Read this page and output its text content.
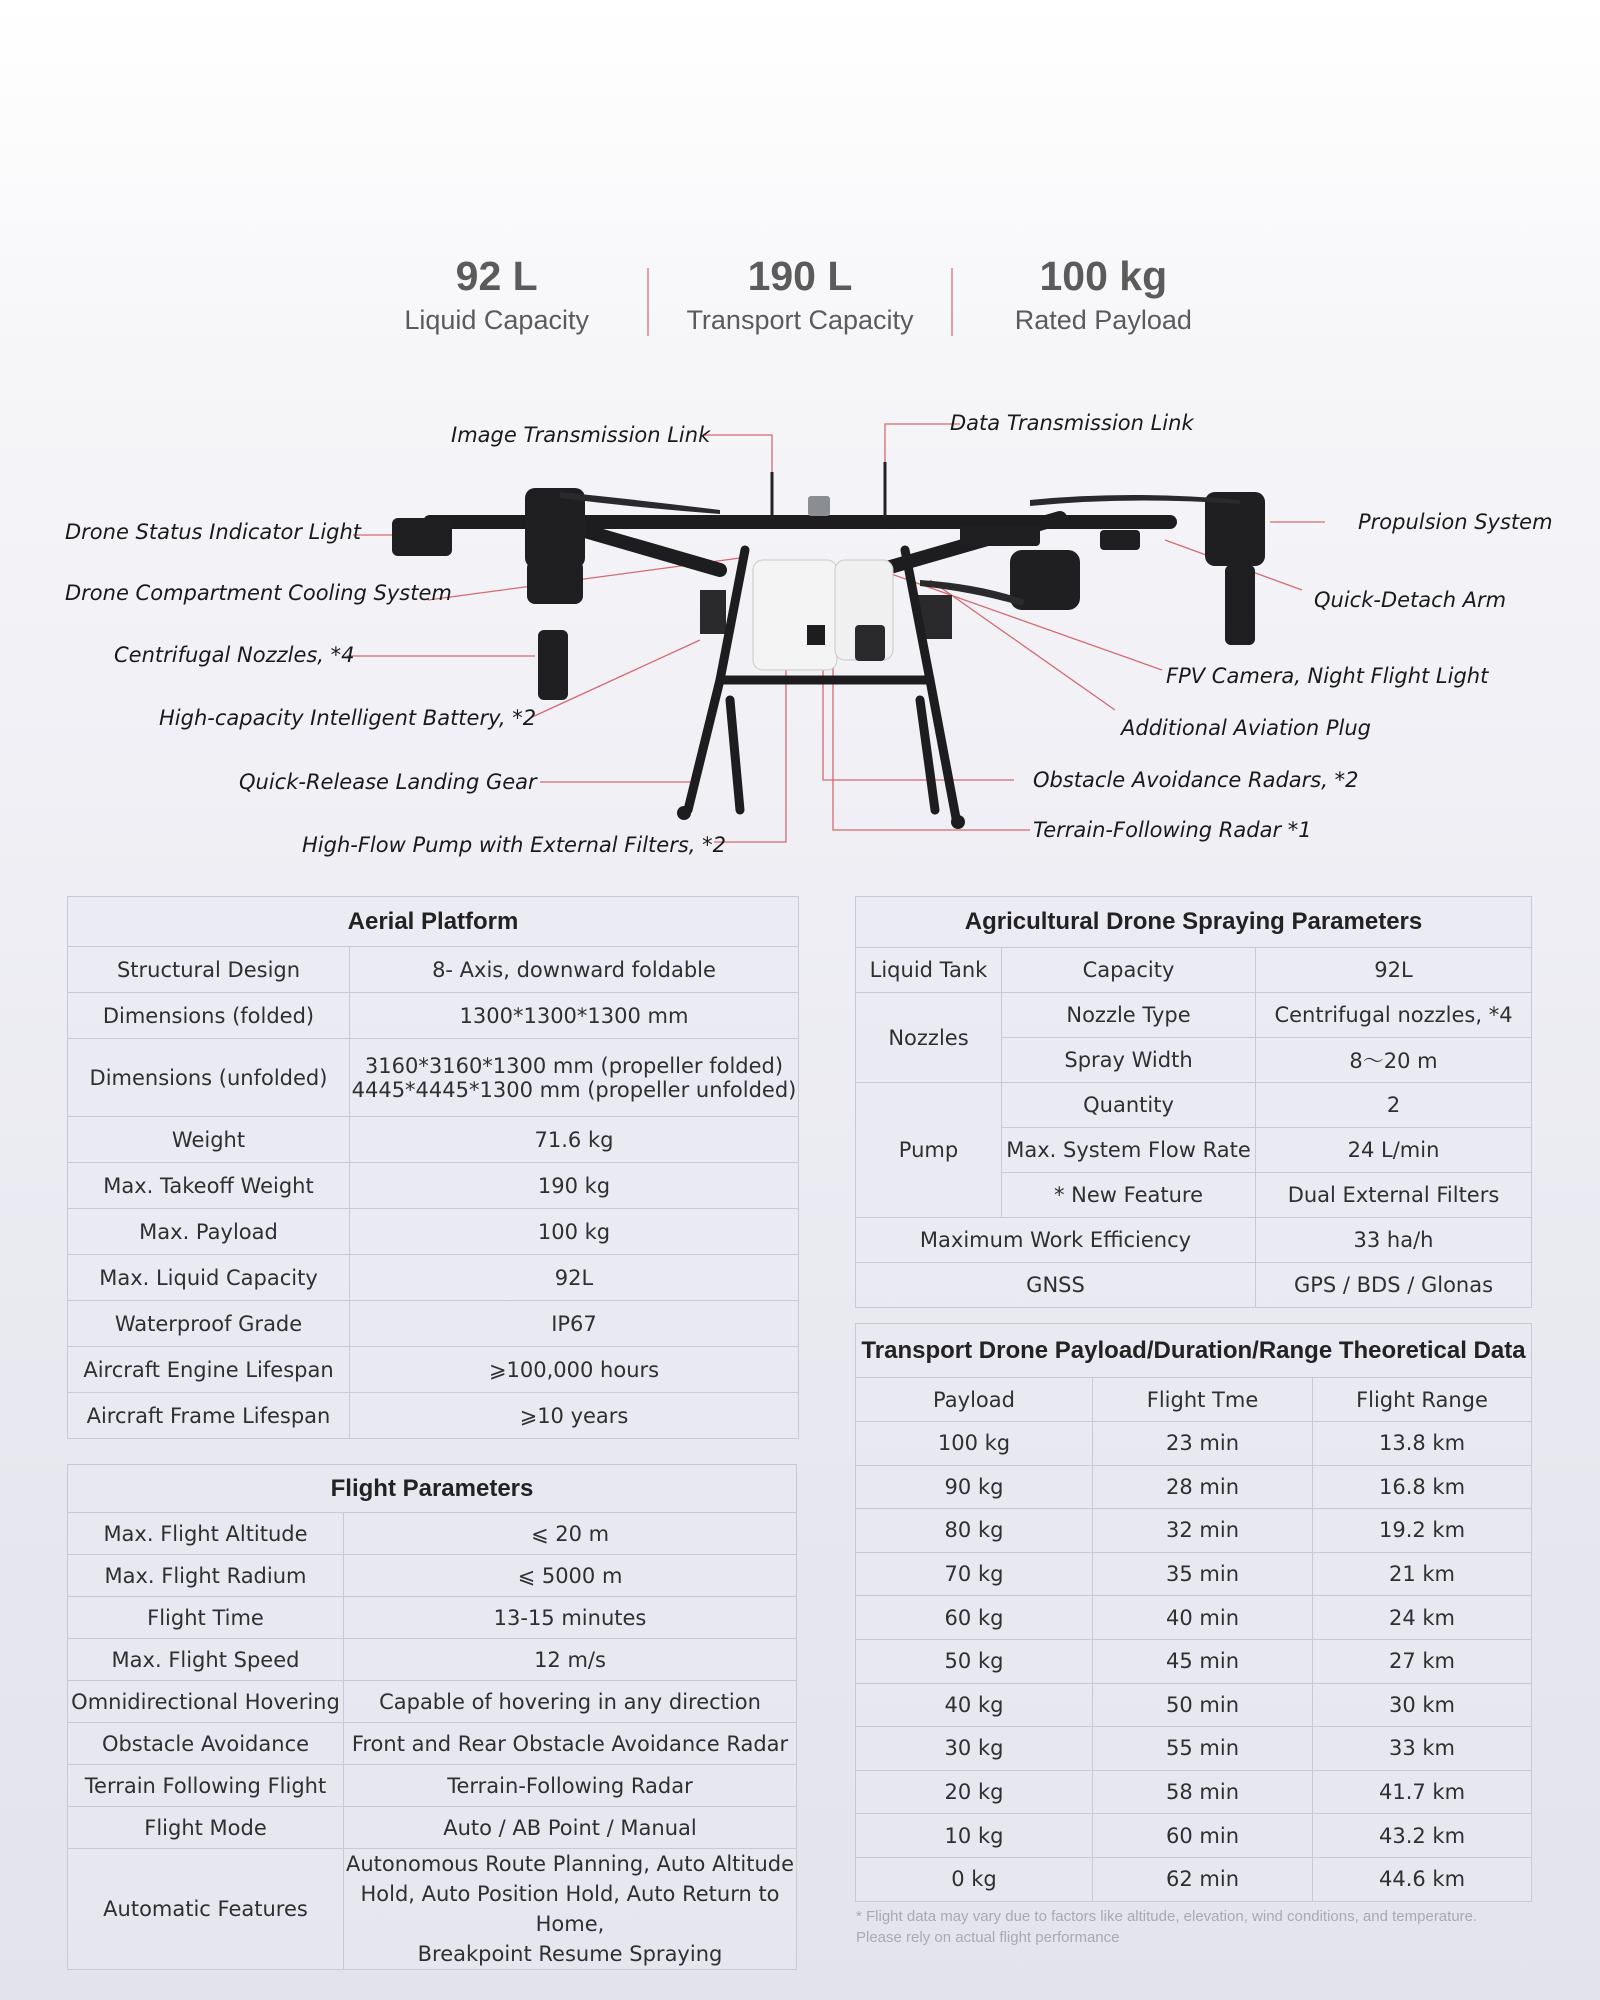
92 L
Liquid Capacity
190 L
Transport Capacity
100 kg
Rated Payload
Image Transmission Link	Data Transmission Link
Drone Status Indicator Light
Drone Compartment Cooling System
Centrifugal Nozzles, *4
High-capacity Intelligent Battery, *2
Quick-Release Landing Gear
High-Flow Pump with External Filters, *2
Propulsion System
Quick-Detach Arm
FPV Camera, Night Flight Light
Additional Aviation Plug
Obstacle Avoidance Radars, *2
Terrain-Following Radar *1
Aerial Platform	
Structural Design	8- Axis, downward foldable
Dimensions (folded)	1300*1300*1300 mm
Dimensions (unfolded)	3160*3160*1300 mm (propeller folded)
4445*4445*1300 mm (propeller unfolded)

Weight	71.6 kg
Max. Takeoff Weight	190 kg
Max. Payload	100 kg
Max. Liquid Capacity	92L
Waterproof Grade	IP67
Aircraft Engine Lifespan	⩾100,000 hours
Aircraft Frame Lifespan	⩾10 years
Flight Parameters	
Max. Flight Altitude	⩽ 20 m
Max. Flight Radium	⩽ 5000 m
Flight Time	13-15 minutes
Max. Flight Speed	12 m/s
Omnidirectional Hovering	Capable of hovering in any direction
Obstacle Avoidance	Front and Rear Obstacle Avoidance Radar
Terrain Following Flight	Terrain-Following Radar
Flight Mode	Auto / AB Point / Manual
Automatic Features	Autonomous Route Planning, Auto Altitude
Hold, Auto Position Hold, Auto Return to Home,
Breakpoint Resume Spraying
Agricultural Drone Spraying Parameters		
Liquid Tank	Capacity	92L
Nozzles	Nozzle Type	Centrifugal nozzles, *4
	Spray Width	8～20 m
Pump	Quantity	2
	Max. System Flow Rate	24 L/min
	* New Feature	Dual External Filters
Maximum Work Efficiency		33 ha/h
GNSS		GPS / BDS / Glonas
Transport Drone Payload/Duration/Range Theoretical Data		
Payload	Flight Tme	Flight Range
100 kg	23 min	13.8 km
90 kg	28 min	16.8 km
80 kg	32 min	19.2 km
70 kg	35 min	21 km
60 kg	40 min	24 km
50 kg	45 min	27 km
40 kg	50 min	30 km
30 kg	55 min	33 km
20 kg	58 min	41.7 km
10 kg	60 min	43.2 km
0 kg	62 min	44.6 km
* Flight data may vary due to factors like altitude, elevation, wind conditions, and temperature.
Please rely on actual flight performance
